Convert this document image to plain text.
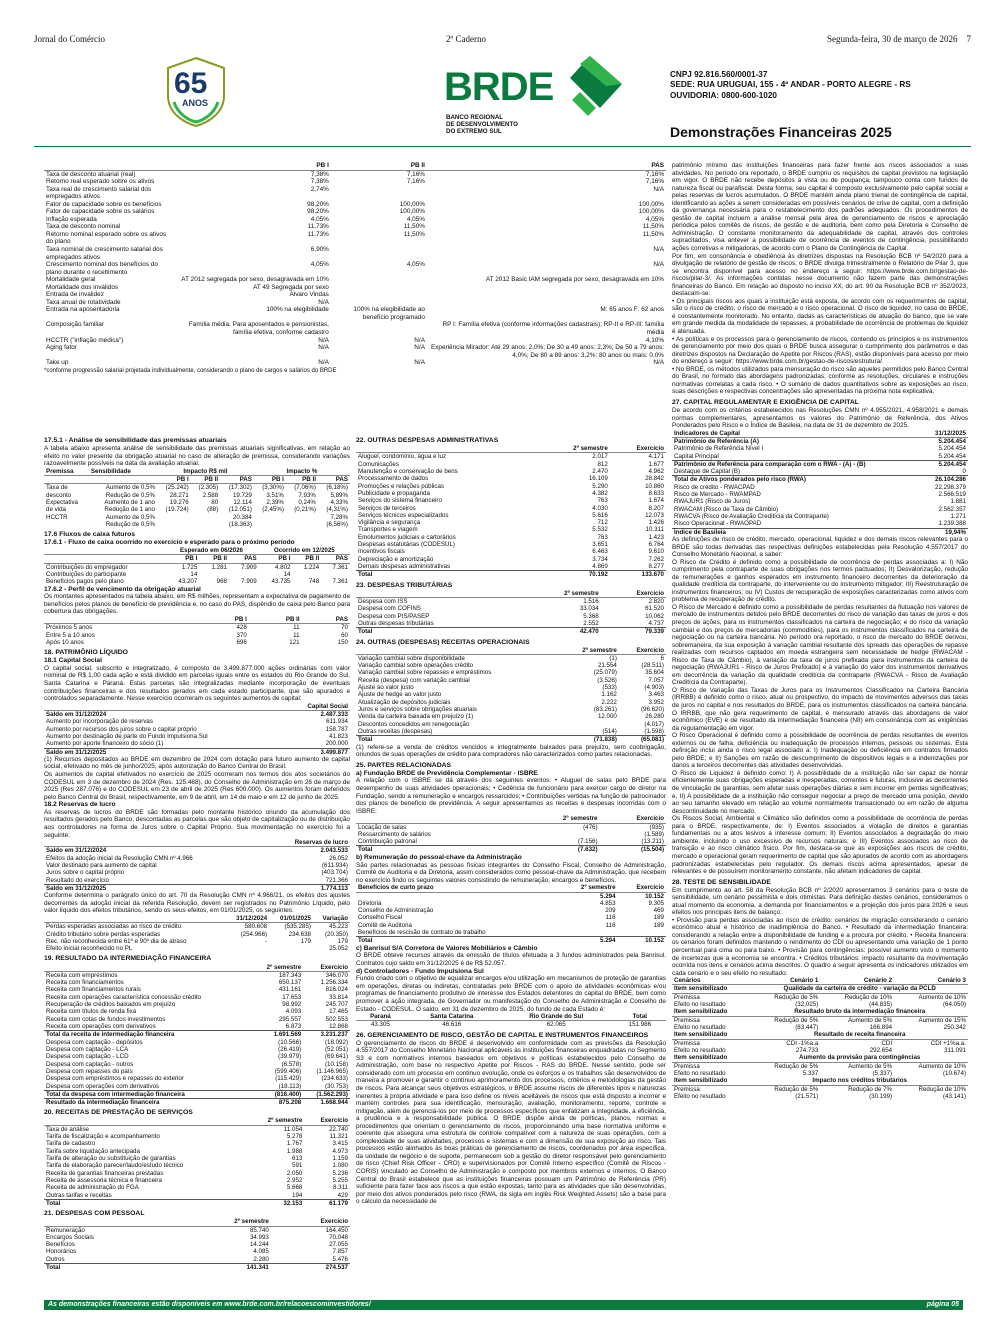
Jornal do Comércio	2º Caderno	Segunda-feira, 30 de março de 2026 7
65
ANOS	BRDE
BANCO REGIONAL
DE DESENVOLVIMENTO
DO EXTREMO SUL
CNPJ 92.816.560/0001-37
SEDE: RUA URUGUAI, 155 - 4º ANDAR - PORTO ALEGRE - RS
OUVIDORIA: 0800-600-1020
Demonstrações Financeiras 2025
	PB I	PB II	PAS
Taxa de desconto atuarial (real)	7,38%	7,16%	7,16%
Retorno real esperado sobre os ativos	7,38%	7,16%	7,16%
Taxa real de crescimento salarial dos empregados ativos	2,74%		N/A
Fator de capacidade sobre os benefícios	98,20%	100,00%	100,00%
Fator de capacidade sobre os salários	98,20%	100,00%	100,00%
Inflação esperada	4,05%	4,05%	4,05%
Taxa de desconto nominal	11,73%	11,50%	11,50%
Retorno nominal esperado sobre os ativos do plano	11,73%	11,50%	11,50%
Taxa nominal de crescimento salarial dos empregados ativos	6,90%		N/A
Crescimento nominal dos benefícios do plano durante o recebimento	4,05%	4,05%	N/A
Mortalidade geral	AT 2012 segregada por sexo, desagravada em 10%		AT 2012 Basic IAM segregada por sexo, desagravada em 10%
Mortalidade dos inválidos	AT 49 Segregada por sexo		
Entrada de invalidez	Álvaro Vindas		
Taxa anual de rotatividade	N/A		
Entrada na aposentadoria	100% na elegibilidade	100% na elegibilidade ao benefício programado	M: 65 anos F: 62 anos
Composição familiar	Família média. Para aposentados e pensionistas, família efetiva, conforme cadastro		RP I: Família efetiva (conforme informações cadastrais); RP-II e RP-III: família média
HCCTR ("inflação médica")	N/A	N/A	4,10%
Aging fator	N/A	N/A	Experiência Mirador: Até 29 anos: 2,0%; De 30 a 49 anos: 2,3%; De 50 a 79 anos: 4,0%; De 80 a 89 anos: 3,2%; 80 anos ou mais: 0,0%
Take up	N/A	N/A	N/A
*conforme progressão salarial projetada individualmente, considerando o plano de cargos e salários do BRDE
17.5.1 - Análise de sensibilidade das premissas atuariais

A tabela abaixo apresenta análise de sensibilidade das premissas atuariais significativas, em relação ao efeito no valor presente da obrigação atuarial no caso de alteração de premissa, considerando variações razoavelmente possíveis na data da avaliação atuarial.

Premissa	Sensibilidade	Impacto R$ mil			Impacto %		
		PB I	PB II	PAS	PB I	PB II	PAS
Taxa de	Aumento de 0,5%	(25.242)	(2.305)	(17.302)	(3,30%)	(7,06%)	(6,18%)
desconto	Redução de 0,5%	28.271	2.588	19.729	3,51%	7,93%	5,89%
Expectativa	Aumento de 1 ano	19.276	80	12.114	2,39%	0,24%	4,33%
de vida	Redução de 1 ano	(19.724)	(88)	(12.051)	(2,45%)	(0,21%)	(4,31%)
HCCTR	Aumento de 0,5%			20.384			7,28%
	Redução de 0,5%			(18.363)			(6,56%)
17.6 Fluxos de caixa futuros
17.6.1 - Fluxo de caixa ocorrido no exercício e esperado para o próximo período
	Esperado em 06/2026			Ocorrido em 12/2025		
	PB I	PB II	PAS	PB I	PB II	PAS
Contribuições do empregador	1.725	1.281	7.909	4.802	1.224	7.361
Contribuições do participante	14			14		
Benefícios pagos pelo plano	43.207	968	7.909	43.735	748	7.361
17.6.2 - Perfil de vencimento da obrigação atuarial

Os montantes apresentados na tabela abaixo, em R$ milhões, representam a expectativa de pagamento de benefícios pelos planos de benefício de previdência e, no caso do PAS, dispêndio de caixa pelo Banco para cobertura das obrigações.

	PB I	PB II	PAS
Próximos 5 anos	428	11	70
Entre 5 a 10 anos	370	11	60
Após 10 anos	696	121	150
18. PATRIMÔNIO LÍQUIDO
18.1 Capital Social

O capital social, subscrito e integralizado, é composto de 3.499.877.000 ações ordinárias com valor nominal de R$ 1,00 cada ação e está dividido em parcelas iguais entre os estados do Rio Grande do Sul, Santa Catarina e Paraná. Estas parcelas são integralizadas mediante incorporação de eventuais contribuições financeiras e dos resultados gerados em cada estado participante, que são apurados e controlados separadamente. Nesse exercício ocorreram os seguintes aumentos de capital:

	Capital Social
Saldo em 31/12/2024	2.487.333
Aumento por incorporação de reservas	611.934
Aumento por recursos dos juros sobre o capital próprio	158.787
Aumento por destinação de parte do Fundo Impulsiona Sul	41.823
Aumento por aporte financeiro do sócio (1)	200.000
Saldo em 31/12/2025	3.499.877

(1) Recursos depositados ao BRDE em dezembro de 2024 com dotação para futuro aumento de capital social, efetivado no mês de junho/2025, após autorização do Banco Central do Brasil.

Os aumentos de capital efetivados no exercício de 2025 ocorreram nos termos dos atos societários do CODESUL em 3 de dezembro de 2024 (Res. 125.468), do Conselho de Administração em 26 de março de 2025 (Res 287.076) e do CODESUL em 23 de abril de 2025 (Res 600.000). Os aumentos foram deferidos pelo Banco Central do Brasil, respectivamente, em 9 de abril, em 14 de maio e em 12 de junho de 2025.

18.2 Reservas de lucro

As reservas de lucros do BRDE são formadas pelo montante histórico oriundo da acumulação dos resultados gerados pelo Banco, descontadas as parcelas que são objeto de capitalização ou de distribuição aos controladores na forma de Juros sobre o Capital Próprio. Sua movimentação no exercício foi a seguinte:

	Reservas de lucro
Saldo em 31/12/2024	2.043.533
Efeitos da adoção inicial da Resolução CMN nº 4.966	26.052
Valor destinado para aumento de capital	(611.934)
Juros sobre o capital próprio	(403.704)
Resultado do exercício	721.366
Saldo em 31/12/2025	1.774.113

Conforme determina o parágrafo único do art. 70 da Resolução CMN nº 4.966/21, os efeitos dos ajustes decorrentes da adoção inicial da referida Resolução, devem ser registrados no Patrimônio Líquido, pelo valor líquido dos efeitos tributários, sendo os seus efeitos, em 01/01/2025, os seguintes:

	31/12/2024	01/01/2025	Variação
Perdas esperadas associadas ao risco de crédito	580.608	(535.285)	45.223
Crédito tributário sobre perdas esperadas	(254.966)	234.638	(20.350)
Rec. não reconhecida entre 61º e 90º dia de atraso	-	179	179
Efeito inicial reconhecido no PL			25.052
19. RESULTADO DA INTERMEDIAÇÃO FINANCEIRA
	2º semestre	Exercício
Receita com empréstimos	187.343	346.070
Receita com financiamentos	650.137	1.256.334
Receita com financiamentos rurais	431.161	816.024
Receita com operações característica concessão crédito	17.653	33.814
Recuperação de créditos baixados em prejuízo	98.992	245.707
Receita com títulos de renda fixa	4.093	17.465
Receita com cotas de fundos investimentos	295.557	502.553
Receita com operações com derivativos	6.873	12.868
Total da receita de intermediação financeira	1.691.569	3.231.237
Despesa com captação - depósitos	(10.566)	(18.092)
Despesa com captação - LCA	(26.419)	(52.051)
Despesa com captação - LCD	(39.979)	(69.641)
Despesa com captação - outros	(6.578)	(10.158)
Despesa com repasses do país	(599.406)	(1.146.965)
Despesa com empréstimos e repasses do exterior	(115.429)	(234.633)
Despesa com operações com derivativos	(18.113)	(30.753)
Total da despesa com intermediação financeira	(816.400)	(1.562.293)
Resultado da intermediação financeira	875.208	1.668.944
20. RECEITAS DE PRESTAÇÃO DE SERVIÇOS
	2º semestre	Exercício
Taxa de análise	11.054	22.740
Tarifa de fiscalização e acompanhamento	5.278	11.321
Tarifa de cadastro	1.767	3.415
Tarifa sobre liquidação antecipada	1.988	4.973
Tarifa de alteração ou substituição de garantias	613	1.159
Tarifa de elaboração parecer/laudo/estudo técnico	591	1.080
Receita de garantias financeiras prestadas	2.050	5.236
Receita de assessoria técnica e financeira	2.952	5.255
Receita de administração do FGA	5.668	8.311
Outras tarifas e receitas	194	429
Total	32.153	61.179
21. DESPESAS COM PESSOAL
	2º semestre	Exercício
Remuneração	85.740	164.450
Encargos Sociais	34.993	70.048
Benefícios	14.244	27.055
Honorários	4.085	7.857
Outros	2.280	5.476
Total	141.341	274.537
22. OUTRAS DESPESAS ADMINISTRATIVAS
	2º semestre	Exercício
Aluguel, condomínio, água e luz	2.017	4.171
Comunicações	812	1.677
Manutenção e conservação de bens	2.470	4.962
Processamento de dados	16.109	28.842
Promoções e relações públicas	5.290	10.860
Publicidade e propaganda	4.382	8.633
Serviços do sistema financeiro	763	1.674
Serviços de terceiros	4.030	8.207
Serviços técnicos especializados	5.616	12.073
Vigilância e segurança	712	1.426
Transportes e viagem	5.532	10.311
Emolumentos judiciais e cartorários	763	1.423
Despesas estatutárias (CODESUL)	3.651	6.764
Incentivos fiscais	6.463	9.610
Depreciação e amortização	3.734	7.262
Demais despesas administrativas	4.869	8.277
Total	70.192	133.670
23. DESPESAS TRIBUTÁRIAS
	2º semestre	Exercício
Despesa com ISS	1.516	2.820
Despesa com COFINS	33.034	61.520
Despesa com PIS/PASEP	5.368	10.062
Outras despesas tributárias	2.552	4.737
Total	42.470	79.339
24. OUTRAS (DESPESAS) RECEITAS OPERACIONAIS
	2º semestre	Exercício
Variação cambial sobre disponibilidade	(1)	6
Variação cambial sobre operações crédito	21.554	(28.511)
Variação cambial sobre repasses e empréstimos	(25.079)	35.604
Receita (despesa) com variação cambial	(3.526)	7.057
Ajuste ao valor justo	(533)	(4.903)
Ajuste de hedge ao valor justo	1.162	3.463
Atualização de depósitos judiciais	2.222	3.952
Juros e serviços sobre obrigações atuariais	(83.261)	(96.620)
Venda da carteira baixada em prejuízo (1)	12.000	26.280
Descontos concedidos em renegociação		(4.017)
Outras receitas (despesas)	(514)	(1.598)
Total	(71.838)	(65.081)

(1) refere-se a venda de créditos vencidos e integralmente baixados para prejuízo, sem coobrigação, oriundos de suas operações de crédito para compradores não caracterizados como partes relacionadas.

25. PARTES RELACIONADAS
a) Fundação BRDE de Previdência Complementar - ISBRE

A relação com o ISBRE se dá através dos seguintes eventos: • Aluguel de salas pelo BRDE para desempenho de suas atividades operacionais; • Cedência de funcionário para exercer cargo de diretor na Fundação, sendo a remuneração e encargos ressarcidos; • Contribuições vertidas na função de patrocinador dos planos de benefício de previdência. A seguir apresentamos as receitas e despesas incorridas com o ISBRE:

	2º semestre	Exercício
Locação de salas	(476)	(935)
Ressarcimento de salários		(1.589)
Contribuição patronal	(7.156)	(13.211)
Total	(7.632)	(15.504)
b) Remuneração do pessoal-chave da Administração

São partes relacionadas as pessoas físicas integrantes do Conselho Fiscal, Conselho de Administração, Comitê de Auditoria e da Diretoria, assim considerados como pessoal-chave da Administração, que recebem no exercício findo os seguintes valores consistindo de remuneração, encargos e benefícios.

Benefícios de curto prazo	2º semestre	Exercício
	5.294	10.152
Diretoria	4.853	9.305
Conselho de Administração	209	469
Conselho Fiscal	116	189
Comitê de Auditoria	116	189
Benefícios de rescisão de contrato de trabalho		
Total	5.294	10.152
c) Banrisul S/A Corretora de Valores Mobiliários e Câmbio

O BRDE obteve recursos através da emissão de títulos efetuada a 3 fundos administrados pela Banrisul. Contratos cujo saldo em 31/12/2025 é de R$ 52.057.

d) Controladores - Fundo Impulsiona Sul

Fundo criado com o objetivo de equalizar encargos e/ou utilização em mecanismos de proteção de garantias em operações, diretas ou indiretas, contratadas pelo BRDE com o apoio de atividades econômicas e/ou programas de financiamento produtivo de interesse dos Estados detentores do capital do BRDE, bem como promover a ação integrada, de Governador ou manifestação do Conselho de Administração e Conselho de Estado - CODESUL. O saldo, em 31 de dezembro de 2025, do fundo de cada Estado é:

Paraná	Santa Catarina	Rio Grande do Sul	Total
43.305	46.616	62.065	151.986
26. GERENCIAMENTO DE RISCO, GESTÃO DE CAPITAL E INSTRUMENTOS FINANCEIROS

O gerenciamento de riscos do BRDE é desenvolvido em conformidade com as previsões da Resolução 4.557/2017 do Conselho Monetário Nacional aplicáveis às instituições financeiras enquadradas no Segmento S3 e com normativos internos baseados em objetivos e políticas estabelecidos pelo Conselho de Administração, com base no respectivo Apetite por Riscos - RAS do BRDE. Nesse sentido, pode ser considerado com um processo em continuo evolução, onde os esforços e os trabalhos são desenvolvidos de maneira a promover e garantir o contínuo aprimoramento dos processos, critérios e metodologias da gestão de riscos. Para alcançar seus objetivos estratégicos, o BRDE assume riscos de diferentes tipos e naturezas inerentes à própria atividade e para isso define os níveis aceitáveis de riscos que está disposto a incorrer e mantém controles para sua identificação, mensuração, avaliação, monitoramento, reporte, controle e mitigação, além de gerenciá-los por meio de processos específicos que enfatizam a integridade, a eficiência, a prudência e a responsabilidade pública. O BRDE dispõe ainda de políticas, planos, normas e procedimentos que orientam o gerenciamento de riscos, proporcionando uma base normativa uniforme e coerente que assegura uma estrutura de controle compatível com a natureza de suas operações, com a complexidade de suas atividades, processos e sistemas e com a dimensão de sua exposição ao risco. Tais processos estão alinhados às boas práticas de gerenciamento de riscos, coordenados por área específica, da unidade de negócio e de suporte, permanecem sob a gestão do diretor responsável pelo gerenciamento de risco (Chief Risk Officer - CRO) e supervisionados por Comitê Interno específico (Comitê de Riscos - CORIS) vinculado ao Conselho de Administração e composto por membros externos e internos. O Banco Central do Brasil estabelece que as instituições financeiras possuam um Patrimônio de Referência (PR) suficiente para fazer face aos riscos a que estão expostas, tanto para as atividades que são desenvolvidas, por meio dos ativos ponderados pelo risco (RWA, da sigla em inglês Risk Weighted Assets) são a base para o cálculo da necessidade de

patrimônio mínimo das instituições financeiras para fazer frente aos riscos associados a suas atividades. No período ora reportado, o BRDE cumpriu os requisitos de capital previstos na legislação em vigor. O BRDE não recebe depósitos à vista ou de poupança, tampouco conta com fundos de natureza fiscal ou parafiscal. Desta forma, seu capital é composto exclusivamente pelo capital social e pelas reservas de lucros acumulados. O BRDE mantém ainda plano trienal de contingência de capital, identificando as ações a serem consideradas em possíveis cenários de crise de capital, com a definição da governança necessária para o restabelecimento dos padrões adequados. Os procedimentos de gestão de capital incluem a análise mensal pela área de gerenciamento de riscos e apreciação periódica pelos comitês de riscos, de gestão e de auditoria, bem como pela Diretoria e Conselho de Administração. O constante monitoramento da adequabilidade de capital, através dos controles supracitados, visa antever a possibilidade de ocorrência de eventos de contingência, possibilitando ações corretivas e mitigadoras, de acordo com o Plano de Contingência de Capital.

Por fim, em consonância e obediência às diretrizes dispostas na Resolução BCB nº 54/2020 para a divulgação de relatório de gestão de riscos, o BRDE divulga trimestralmente o Relatório de Pilar 3, que se encontra disponível para acesso no endereço a seguir: https://www.brde.com.br/gestao-de-riscos/pilar-3/. As informações contidas nesse documento não fazem parte das demonstrações financeiras do Banco. Em relação ao disposto no inciso XX, do art. 90 da Resolução BCB nº 352/2023, destacam-se:

• Os principais riscos aos quais a instituição está exposta, de acordo com os requerimentos de capital, são o risco de crédito, o risco de mercado e o risco operacional. O risco de liquidez, no caso do BRDE, é constantemente monitorado. No entanto, dadas as características de atuação do banco, que se vale em grande medida da modalidade de repasses, a probabilidade de ocorrência de problemas de liquidez é atenuada.

• As políticas e os processos para o gerenciamento de riscos, contendo os princípios e os instrumentos de gerenciamento por meio dos quais o BRDE busca assegurar o cumprimento dos parâmetros e das diretrizes dispostos na Declaração de Apetite por Riscos (RAS), estão disponíveis para acesso por meio do endereço a seguir: https://www.brde.com.br/gestao-de-riscos/estrutura/.

• No BRDE, os métodos utilizados para mensuração do risco são aqueles permitidos pelo Banco Central do Brasil, no formato das abordagens padronizadas, conforme as resoluções, circulares e instruções normativas correlatas a cada risco. • O sumário de dados quantitativos sobre as exposições ao risco, suas descrições e respectivas concentrações são apresentadas na próxima nota explicativa.

27. CAPITAL REGULAMENTAR E EXIGÊNCIA DE CAPITAL

De acordo com os critérios estabelecidos nas Resoluções CMN nº 4.955/2021, 4.958/2021 e demais normas complementares, apresentamos os valores do Patrimônio de Referência, dos Ativos Ponderados pelo Risco e o Índice de Basileia, na data de 31 de dezembro de 2025.

Indicadores de Capital	31/12/2025
Patrimônio de Referência (A)	5.204.454
Patrimônio de Referência Nível I	5.204.454
Capital Principal	5.204.454
Patrimônio de Referência para comparação com o RWA - (A) - (B)	5.204.454
Destaque de Capital (B)	0
Total de Ativos ponderados pelo risco (RWA)	26.104.286
Risco de crédito - RWACPAD	22.298.379
Risco de Mercado - RWAMPAD	2.566.519
RWAJUR1 (Risco de Juros)	1.881
RWACAM (Risco de Taxa de Câmbio)	2.562.357
RWACVA (Risco de Avaliação Creditícia da Contraparte)	1.271
Risco Operacional - RWAOPAD	1.239.388
Índice de Basileia	19,94%

As definições de risco de crédito, mercado, operacional, liquidez e dos demais riscos relevantes para o BRDE são todas derivadas das respectivas definições estabelecidas pela Resolução 4.557/2017 do Conselho Monetário Nacional, a saber:

O Risco de Crédito é definido como a possibilidade de ocorrência de perdas associadas a: I) Não cumprimento pela contraparte de suas obrigações nos termos pactuados; II) Desvalorização, redução de remunerações e ganhos esperados em instrumento financeiro decorrentes da deterioração da qualidade creditícia da contraparte, do interveniente ou do instrumento mitigador; III) Reestruturação de instrumentos financeiros; ou IV) Custos de recuperação de exposições caracterizadas como ativos com problema de recuperação de crédito.

O Risco de Mercado é definido como a possibilidade de perdas resultantes da flutuação nos valores de mercado de instrumentos detidos pelo BRDE decorrentes do risco de variação das taxas de juros e dos preços de ações, para os instrumentos classificados na carteira de negociação; e do risco da variação cambial e dos preços de mercadorias (commodities), para os instrumentos classificados na carteira de negociação ou na carteira bancária. No período ora reportado, o risco de mercado do BRDE derivou, sobremaneira, da sua exposição à variação cambial resultante dos spreads das operações de repasse realizadas com recursos captados em moeda estrangeira sem necessidade de hedge (RWACAM - Risco de Taxa de Câmbio), à variação da taxa de juros prefixada para instrumentos da carteira de negociação (RWAJUR1 - Risco de Juros Prefixado) e à variação do valor dos instrumentos derivativos em decorrência da variação da qualidade creditícia da contraparte (RWACVA - Risco de Avaliação Creditícia da Contraparte).

O Risco de Variação das Taxas de Juros para os Instrumentos Classificados na Carteira Bancária (IRRBB) é definido como o risco, atual ou prospectivo, do impacto de movimentos adversos das taxas de juros no capital e nos resultados do BRDE, para os instrumentos classificados na carteira bancária. O IRRBB, que não gera requerimento de capital, é mensurado através das abordagens de valor econômico (EVE) e de resultado da intermediação financeira (NII) em consonância com as exigências da regulamentação em vigor.

O Risco Operacional é definido como a possibilidade de ocorrência de perdas resultantes de eventos externos ou de falha, deficiência ou inadequação de processos internos, pessoas ou sistemas. Esta definição inclui ainda o risco legal associado a: I) Inadequação ou deficiência em contratos firmados pelo BRDE; e II) Sanções em razão de descumprimento de dispositivos legais e a indenizações por danos a terceiros decorrentes das atividades desenvolvidas.

O Risco de Liquidez é definido como: I) A possibilidade de a instituição não ser capaz de honrar eficientemente suas obrigações esperadas e inesperadas, correntes e futuras, inclusive as decorrentes de vinculação de garantias, sem afetar suas operações diárias e sem incorrer em perdas significativas; e, II) A possibilidade de a instituição não conseguir negociar a preço de mercado uma posição, devido ao seu tamanho elevado em relação ao volume normalmente transacionado ou em razão de alguma descontinuidade no mercado.

Os Riscos Social, Ambiental e Climático são definidos como a possibilidade de ocorrência de perdas para o BRDE, respectivamente, de: I) Eventos associados a violação de direitos e garantias fundamentais ou a atos lesivos a interesse comum; II) Eventos associados a degradação do meio ambiente, incluindo o uso excessivo de recursos naturais; e III) Eventos associados ao risco de transição e ao risco climático físico. Por fim, destaca-se que as exposições aos riscos de crédito, mercado e operacional geram requerimento de capital que são apurados de acordo com as abordagens padronizadas estabelecidas pelo regulador. Os demais riscos acima apresentados, apesar de relevantes e de possuírem monitoramento constante, não afetam indicadores de capital.

28. TESTE DE SENSIBILIDADE

Em cumprimento ao art. 58 da Resolução BCB nº 2/2020 apresentamos 3 cenários para o teste de sensibilidade, um cenário pessimista e dois otimistas. Para definição destes cenários, consideramos o atual momento da economia, a demanda por financiamentos e a projeção dos juros para 2026 e seus efeitos nos principais itens de balanço:

• Provisão para perdas associadas ao risco de crédito: cenários de migração considerando o cenário econômico atual e histórico de inadimplência do Banco. • Resultado da intermediação financeira: considerando a relação entre a disponibilidade de funding e a procura por crédito. • Receita financeira: os cenários foram definidos mantendo o rendimento do CDI ou apresentando uma variação de 1 ponto percentual para cima ou para baixo. • Provisão para contingências: possível aumento visto o momento de incertezas que a economia se encontra. • Créditos tributários: impacto resultante da movimentação ocorrida nos itens e cenários acima descritos. O quadro a seguir apresenta os indicadores utilizados em cada cenário e o seu efeito no resultado:

Cenários	Cenário 1	Cenário 2	Cenário 3
Item sensibilizado	Qualidade da carteira de crédito - variação da PCLD		
Premissa	Redução de 5%	Redução de 10%	Aumento de 10%
Efeito no resultado	(32.025)	(44.835)	(64.050)
Item sensibilizado	Resultado bruto da intermediação financeira		
Premissa	Redução de 5%	Aumento de 5%	Aumento de 15%
Efeito no resultado	(83.447)	166.894	250.342
Item sensibilizado	Resultado de receita financeira		
Premissa	CDI -1%a.a	CDI	CDI +1%a.a.
Efeito no resultado	274.733	292.654	311.091
Item sensibilizado	Aumento da provisão para contingências		
Premissa	Redução de 5%	Aumento de 5%	Aumento de 10%
Efeito no resultado	5.337	(5.337)	(10.674)
Item sensibilizado	Impacto nos créditos tributários		
Premissa	Redução de 5%	Redução de 7%	Redução de 10%
Efeito no resultado	(21.571)	(30.199)	(43.141)
As demonstrações financeiras estão disponíveis em www.brde.com.br/relacoescominvestidores/	página 05
